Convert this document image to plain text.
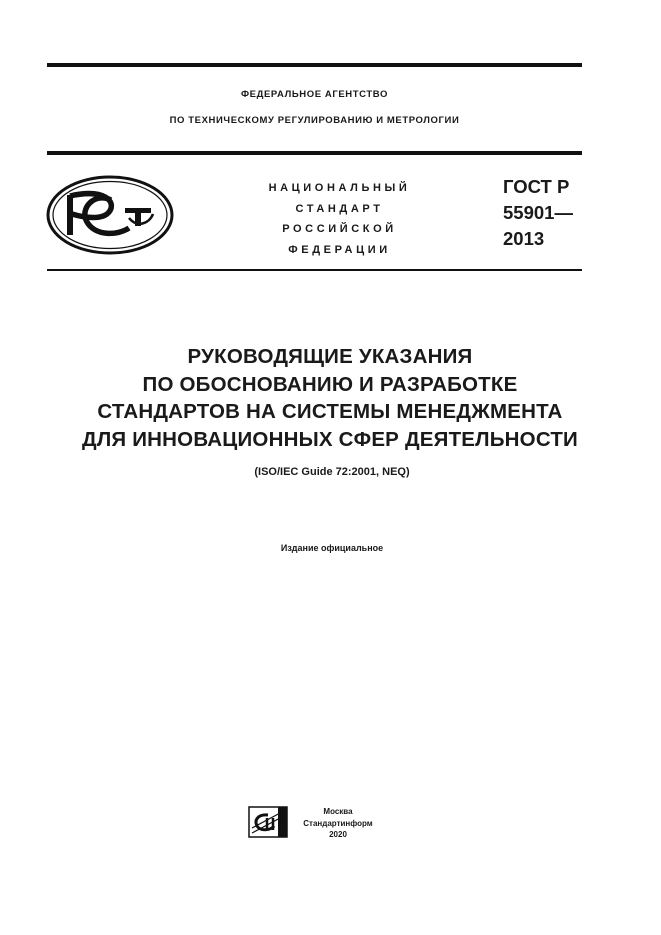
ФЕДЕРАЛЬНОЕ АГЕНТСТВО
ПО ТЕХНИЧЕСКОМУ РЕГУЛИРОВАНИЮ И МЕТРОЛОГИИ
НАЦИОНАЛЬНЫЙ
СТАНДАРТ
РОССИЙСКОЙ
ФЕДЕРАЦИИ
ГОСТ Р
55901—
2013
РУКОВОДЯЩИЕ УКАЗАНИЯ
ПО ОБОСНОВАНИЮ И РАЗРАБОТКЕ
СТАНДАРТОВ НА СИСТЕМЫ МЕНЕДЖМЕНТА
ДЛЯ ИННОВАЦИОННЫХ СФЕР ДЕЯТЕЛЬНОСТИ
(ISO/IEC Guide 72:2001, NEQ)
Издание официальное
Москва
Стандартинформ
2020
